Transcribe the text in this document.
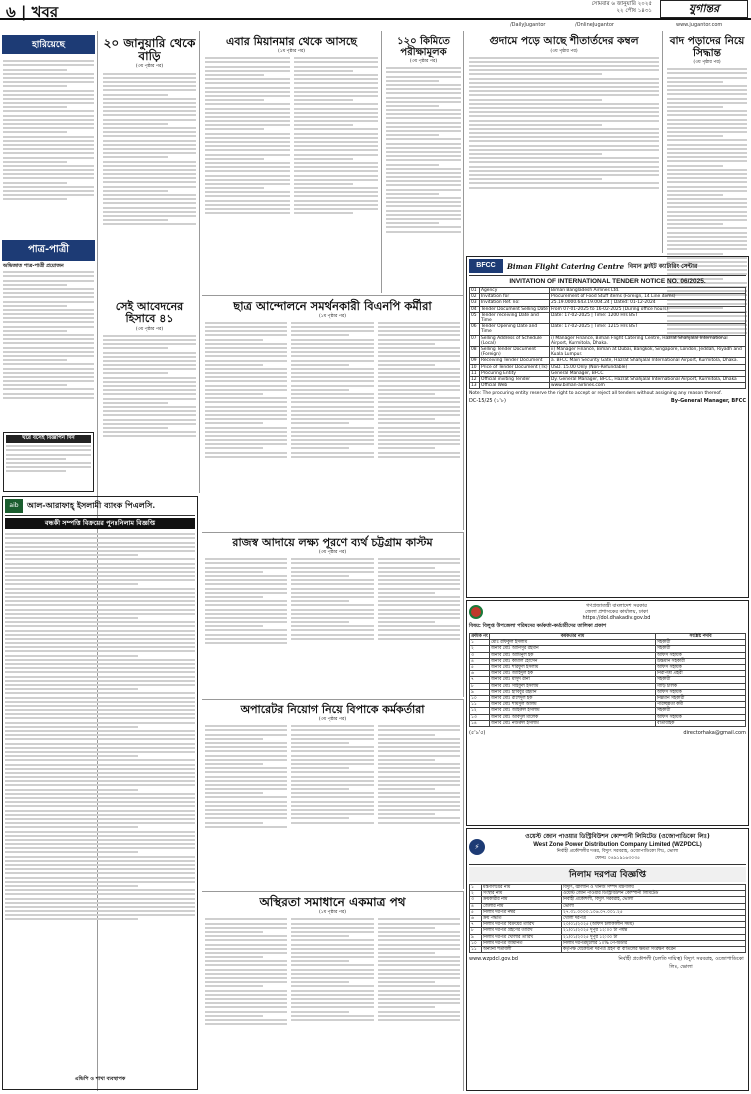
৬ | খবর	সোমবার ৬ জানুয়ারি ২০২৫
২২ পৌষ ১৪৩১	যুগান্তর
/DailyJugantor	/OnlineJugantor	www.jugantor.com
হারিয়েছে
পাত্র-পাত্রী
অভিজাত পাত্র-পাত্রী প্রয়োজন
ঘরে বসেই বিজ্ঞাপন দিন
aib	আল-আরাফাহ্ ইসলামী ব্যাংক পিএলসি.
বন্ধকী সম্পত্তি বিক্রয়ের পুনঃনিলাম বিজ্ঞপ্তি
এভিপি ও শাখা ব্যবস্থাপক
২০ জানুয়ারি থেকে বাড়ি
(৩য় পৃষ্ঠার পর)
সেই আবেদনের হিসাবে ৪১
(৩য় পৃষ্ঠার পর)
এবার মিয়ানমার থেকে আসছে
(১ম পৃষ্ঠার পর)
১২০ কিমিতে পরীক্ষামূলক
(৩য় পৃষ্ঠার পর)
গুদামে পড়ে আছে শীতার্তদের কম্বল
(৩য় পৃষ্ঠার পর)
বাদ পড়াদের নিয়ে সিদ্ধান্ত
(৩য় পৃষ্ঠার পর)
ছাত্র আন্দোলনে সমর্থনকারী বিএনপি কর্মীরা
(১ম পৃষ্ঠার পর)
BFCC	Biman Flight Catering Centre বিমান ফ্লাইট ক্যাটারিং সেন্টার
INVITATION OF INTERNATIONAL TENDER NOTICE NO. 06/2025.
01	Agency	Biman Bangladesh Airlines Ltd.
02	Invitation for	Procurement of Food Stuff items (Foreign, 14 Line items)
03	Invitation Ref. no:	25.19.0000.643.19.004.24 | Dated: 01-12-2024
04	Tender Document Selling Date	From 07-01-2025 to 16-02-2025 (During office hours).
05	Tender receiving Date and Time	Date: 17-02-2025 | Time: 1200 Hrs BST
06	Tender Opening Date and Time	Date: 17-02-2025 | Time: 1215 Hrs BST
07	Selling Address of Schedule (Local)	i) Manager Finance, Biman Flight Catering Centre, Hazrat Shahjalal International Airport, Kurmitola, Dhaka.
08	Selling Tender Document (Foreign)	ii) Manager Finance, Biman at Dubai, Bangkok, Singapore, London, Jeddah, Riyadh and Kuala Lumpur.
09	Receiving Tender Document	a. BFCC Main Security Gate, Hazrat Shahjalal International Airport, Kurmitola, Dhaka.
10	Price of Tender Document (Tk)	USD. 15.00 Only (Non-Refundable)
11	Procuring Entity	General Manager, BFCC
12	Official inviting Tender	Dy. General Manager, BFCC, Hazrat Shahjalal International Airport, Kurmitola, Dhaka
13	Official Web	www.biman-airlines.com
Note: The procuring entity reserve the right to accept or reject all tenders without assigning any reason thereof.
DC-15/25 (১'৮)	By-General Manager, BFCC
রাজস্ব আদায়ে লক্ষ্য পূরণে ব্যর্থ চট্টগ্রাম কাস্টম
(৩য় পৃষ্ঠার পর)
অপারেটর নিয়োগ নিয়ে বিপাকে কর্মকর্তারা
(৩য় পৃষ্ঠার পর)
অস্থিরতা সমাধানে একমাত্র পথ
(১ম পৃষ্ঠার পর)
গণপ্রজাতন্ত্রী বাংলাদেশ সরকার
জেলা প্রশাসকের কার্যালয়, ঢাকা
https://dol.dhakadiv.gov.bd
বিষয়: বিলুপ্ত উপজেলা পরিষদের কর্মকর্তা-কর্মচারীদের তালিকা প্রকাশ
ক্রমিক নং	কর্মকর্তার নাম	সংশ্লিষ্ট পদবি
১	মোঃ রফিকুল ইসলাম	সহকারী
২	জনাব মোঃ আনিসুর রহমান	সহকারী
৩	জনাব মোঃ আমিনুল হক	অফিস সহায়ক
৪	জনাব মোঃ কামাল হোসেন	উচ্চমান সহকারী
৫	জনাব মোঃ শরিফুল ইসলাম	অফিস সহায়ক
৬	জনাব মোঃ জাহিদুল হক	নিরাপত্তা প্রহরী
৭	জনাব মোঃ মাসুদ রানা	সহকারী
৮	জনাব মোঃ সাইফুল ইসলাম	গাড়ি চালক
৯	জনাব মোঃ হাবিবুর রহমান	অফিস সহায়ক
১০	জনাব মোঃ রাশেদুল হক	নিম্নমান সহকারী
১১	জনাব মোঃ শামসুল আলম	পরিচ্ছন্নতা কর্মী
১২	জনাব মোঃ জহিরুল ইসলাম	সহকারী
১৩	জনাব মোঃ আবদুল মালেক	অফিস সহায়ক
১৪	জনাব মোঃ নজরুল ইসলাম	বার্তাবাহক
(৫'৯'৫)	directorhaka@gmail.com
⚡
ওয়েস্ট জোন পাওয়ার ডিস্ট্রিবিউশন কোম্পানী লিমিটেড (ওজোপাডিকো লিঃ)
West Zone Power Distribution Company Limited (WZPDCL)
নির্বাহী প্রকৌশলীর দপ্তর, বিদ্যুৎ সরবরাহ, ওজোপাডিকো লিঃ, ভোলা
ফোনঃ ০৪৯১৯১৬৩০৩৫
নিলাম দরপত্র বিজ্ঞপ্তি
১	মন্ত্রণালয়ের নাম	বিদ্যুৎ, জ্বালানি ও খনিজ সম্পদ মন্ত্রণালয়
২	সংস্থার নাম	ওয়েস্ট জোন পাওয়ার ডিস্ট্রিবিউশন কোম্পানী লিমিটেড
৩	ক্রয়কারীর নাম	নির্বাহী প্রকৌশলী, বিদ্যুৎ সরবরাহ, ভোলা
৪	জেলার নাম	ভোলা
৫	নিলাম দরপত্র নম্বর	২৭.৩১.০০০০.১০৬.০৭.০০১.২৫
৬	ক্রয় পদ্ধতি	খোলা দরপত্র
৭	নিলাম দরপত্র বিক্রয়ের তারিখ	২০/০১/২০২৫ (অফিস চলাকালীন সময়)
৮	নিলাম দরপত্র গ্রহণের তারিখ	২১/০১/২০২৫ দুপুর ১২:০০ টা পর্যন্ত
৯	নিলাম দরপত্র খোলার তারিখ	২১/০১/২০২৫ দুপুর ১২:৩০ টা
১০	নিলাম দরপত্র জামানত	নিলাম দরপত্রমূল্যের ১০% পে-অর্ডার
১১	অন্যান্য শর্তাবলী	কর্তৃপক্ষ যেকোনো দরপত্র গ্রহণ বা বাতিলের ক্ষমতা সংরক্ষণ করেন
www.wzpdcl.gov.bd	নির্বাহী প্রকৌশলী (চলতি দায়িত্ব) বিদ্যুৎ সরবরাহ, ওজোপাডিকো লিঃ, ভোলা
